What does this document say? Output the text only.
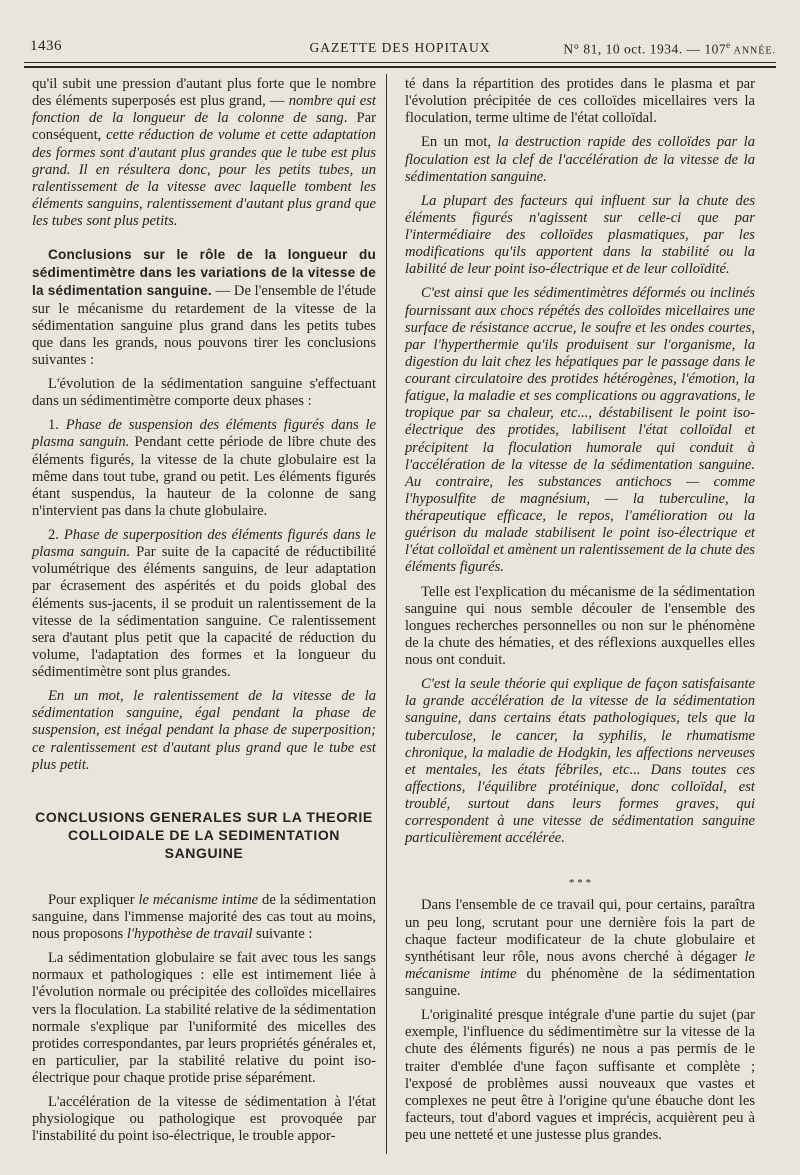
1436	GAZETTE DES HOPITAUX	N° 81, 10 oct. 1934. — 107e ANNÉE.

qu'il subit une pression d'autant plus forte que le nombre des éléments superposés est plus grand, — nombre qui est fonction de la longueur de la colonne de sang. Par conséquent, cette réduction de volume et cette adaptation des formes sont d'autant plus grandes que le tube est plus grand. Il en résultera donc, pour les petits tubes, un ralentissement de la vitesse avec laquelle tombent les éléments sanguins, ralentissement d'autant plus grand que les tubes sont plus petits.

Conclusions sur le rôle de la longueur du sédimentimètre dans les variations de la vitesse de la sédimentation sanguine. — De l'ensemble de l'étude sur le mécanisme du retardement de la vitesse de la sédimentation sanguine plus grand dans les petits tubes que dans les grands, nous pouvons tirer les conclusions suivantes :

L'évolution de la sédimentation sanguine s'effectuant dans un sédimentimètre comporte deux phases :

1. Phase de suspension des éléments figurés dans le plasma sanguin. Pendant cette période de libre chute des éléments figurés, la vitesse de la chute globulaire est la même dans tout tube, grand ou petit. Les éléments figurés étant suspendus, la hauteur de la colonne de sang n'intervient pas dans la chute globulaire.

2. Phase de superposition des éléments figurés dans le plasma sanguin. Par suite de la capacité de réductibilité volumétrique des éléments sanguins, de leur adaptation par écrasement des aspérités et du poids global des éléments sus-jacents, il se produit un ralentissement de la vitesse de la sédimentation sanguine. Ce ralentissement sera d'autant plus petit que la capacité de réduction du volume, l'adaptation des formes et la longueur du sédimentimètre sont plus grandes.

En un mot, le ralentissement de la vitesse de la sédimentation sanguine, égal pendant la phase de suspension, est inégal pendant la phase de superposition; ce ralentissement est d'autant plus grand que le tube est plus petit.

CONCLUSIONS GENERALES SUR LA THEORIE COLLOIDALE DE LA SEDIMENTATION SANGUINE

Pour expliquer le mécanisme intime de la sédimentation sanguine, dans l'immense majorité des cas tout au moins, nous proposons l'hypothèse de travail suivante :

La sédimentation globulaire se fait avec tous les sangs normaux et pathologiques : elle est intimement liée à l'évolution normale ou précipitée des colloïdes micellaires vers la floculation. La stabilité relative de la sédimentation normale s'explique par l'uniformité des micelles des protides correspondantes, par leurs propriétés générales et, en particulier, par la stabilité relative du point iso-électrique pour chaque protide prise séparément.

L'accélération de la vitesse de sédimentation à l'état physiologique ou pathologique est provoquée par l'instabilité du point iso-électrique, le trouble appor-

té dans la répartition des protides dans le plasma et par l'évolution précipitée de ces colloïdes micellaires vers la floculation, terme ultime de l'état colloïdal.

En un mot, la destruction rapide des colloïdes par la floculation est la clef de l'accélération de la vitesse de la sédimentation sanguine.

La plupart des facteurs qui influent sur la chute des éléments figurés n'agissent sur celle-ci que par l'intermédiaire des colloïdes plasmatiques, par les modifications qu'ils apportent dans la stabilité ou la labilité de leur point iso-électrique et de leur colloïdité.

C'est ainsi que les sédimentimètres déformés ou inclinés fournissant aux chocs répétés des colloïdes micellaires une surface de résistance accrue, le soufre et les ondes courtes, par l'hyperthermie qu'ils produisent sur l'organisme, la digestion du lait chez les hépatiques par le passage dans le courant circulatoire des protides hétérogènes, l'émotion, la fatigue, la maladie et ses complications ou aggravations, le tropique par sa chaleur, etc..., déstabilisent le point iso-électrique des protides, labilisent l'état colloïdal et précipitent la floculation humorale qui conduit à l'accélération de la vitesse de la sédimentation sanguine. Au contraire, les substances antichocs — comme l'hyposulfite de magnésium, — la tuberculine, la thérapeutique efficace, le repos, l'amélioration ou la guérison du malade stabilisent le point iso-électrique et l'état colloïdal et amènent un ralentissement de la chute des éléments figurés.

Telle est l'explication du mécanisme de la sédimentation sanguine qui nous semble découler de l'ensemble des longues recherches personnelles ou non sur le phénomène de la chute des hématies, et des réflexions auxquelles elles nous ont conduit.

C'est la seule théorie qui explique de façon satisfaisante la grande accélération de la vitesse de la sédimentation sanguine, dans certains états pathologiques, tels que la tuberculose, le cancer, la syphilis, le rhumatisme chronique, la maladie de Hodgkin, les affections nerveuses et mentales, les états fébriles, etc... Dans toutes ces affections, l'équilibre protéinique, donc colloïdal, est troublé, surtout dans leurs formes graves, qui correspondent à une vitesse de sédimentation sanguine particulièrement accélérée.

* * *

Dans l'ensemble de ce travail qui, pour certains, paraîtra un peu long, scrutant pour une dernière fois la part de chaque facteur modificateur de la chute globulaire et synthétisant leur rôle, nous avons cherché à dégager le mécanisme intime du phénomène de la sédimentation sanguine.

L'originalité presque intégrale d'une partie du sujet (par exemple, l'influence du sédimentimètre sur la vitesse de la chute des éléments figurés) ne nous a pas permis de le traiter d'emblée d'une façon suffisante et complète ; l'exposé de problèmes aussi nouveaux que vastes et complexes ne peut être à l'origine qu'une ébauche dont les facteurs, tout d'abord vagues et imprécis, acquièrent peu à peu une netteté et une justesse plus grandes.
